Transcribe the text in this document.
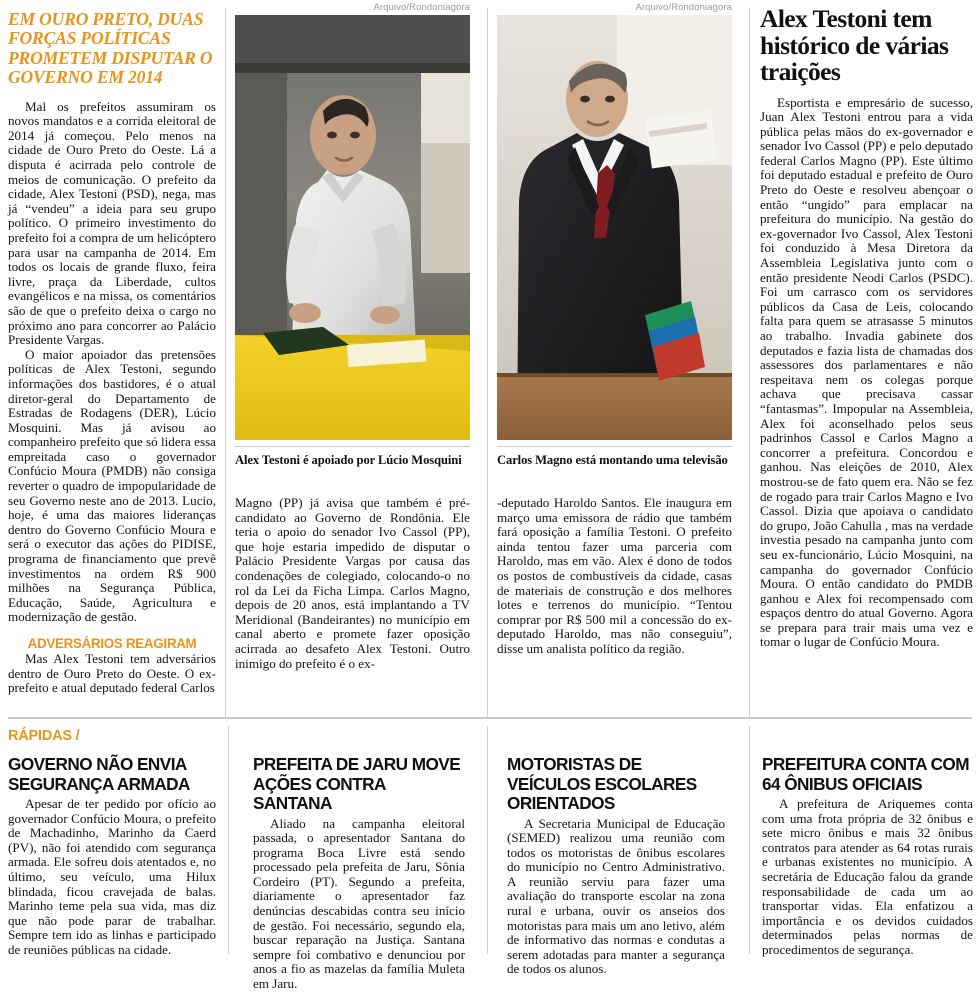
EM OURO PRETO, DUAS FORÇAS POLÍTICAS PROMETEM DISPUTAR O GOVERNO EM 2014

Mal os prefeitos assumiram os novos mandatos e a corrida eleitoral de 2014 já começou. Pelo menos na cidade de Ouro Preto do Oeste. Lá a disputa é acirrada pelo controle de meios de comunicação. O prefeito da cidade, Alex Testoni (PSD), nega, mas já “vendeu” a ideia para seu grupo político. O primeiro investimento do prefeito foi a compra de um helicóptero para usar na campanha de 2014. Em todos os locais de grande fluxo, feira livre, praça da Liberdade, cultos evangélicos e na missa, os comentários são de que o prefeito deixa o cargo no próximo ano para concorrer ao Palácio Presidente Vargas.

O maior apoiador das pretensões políticas de Alex Testoni, segundo informações dos bastidores, é o atual diretor-geral do Departamento de Estradas de Rodagens (DER), Lúcio Mosquini. Mas já avisou ao companheiro prefeito que só lidera essa empreitada caso o governador Confúcio Moura (PMDB) não consiga reverter o quadro de impopularidade de seu Governo neste ano de 2013. Lucio, hoje, é uma das maiores lideranças dentro do Governo Confúcio Moura e será o executor das ações do PIDISE, programa de financiamento que prevê investimentos na ordem R$ 900 milhões na Segurança Pública, Educação, Saúde, Agricultura e modernização de gestão.

ADVERSÁRIOS REAGIRAM

Mas Alex Testoni tem adversários dentro de Ouro Preto do Oeste. O ex-prefeito e atual deputado federal Carlos

Arquivo/Rondoniagora

Alex Testoni é apoiado por Lúcio Mosquini

Arquivo/Rondoniagora

Carlos Magno está montando uma televisão

Alex Testoni tem histórico de várias traições

Esportista e empresário de sucesso, Juan Alex Testoni entrou para a vida pública pelas mãos do ex-governador e senador Ivo Cassol (PP) e pelo deputado federal Carlos Magno (PP). Este último foi deputado estadual e prefeito de Ouro Preto do Oeste e resolveu abençoar o então “ungido” para emplacar na prefeitura do município. Na gestão do ex-governador Ivo Cassol, Alex Testoni foi conduzido à Mesa Diretora da Assembleia Legislativa junto com o então presidente Neodi Carlos (PSDC). Foi um carrasco com os servidores públicos da Casa de Leis, colocando falta para quem se atrasasse 5 minutos ao trabalho. Invadia gabinete dos deputados e fazia lista de chamadas dos assessores dos parlamentares e não respeitava nem os colegas porque achava que precisava cassar “fantasmas”. Impopular na Assembleia, Alex foi aconselhado pelos seus padrinhos Cassol e Carlos Magno a concorrer a prefeitura. Concordou e ganhou. Nas eleições de 2010, Alex mostrou-se de fato quem era. Não se fez de rogado para trair Carlos Magno e Ivo Cassol. Dizia que apoiava o candidato do grupo, João Cahulla , mas na verdade investia pesado na campanha junto com seu ex-funcionário, Lúcio Mosquini, na campanha do governador Confúcio Moura. O então candidato do PMDB ganhou e Alex foi recompensado com espaços dentro do atual Governo. Agora se prepara para trair mais uma vez e tomar o lugar de Confúcio Moura.

Magno (PP) já avisa que também é pré-candidato ao Governo de Rondônia. Ele teria o apoio do senador Ivo Cassol (PP), que hoje estaria impedido de disputar o Palácio Presidente Vargas por causa das condenações de colegiado, colocando-o no rol da Lei da Ficha Limpa. Carlos Magno, depois de 20 anos, está implantando a TV Meridional (Bandeirantes) no município em canal aberto e promete fazer oposição acirrada ao desafeto Alex Testoni. Outro inimigo do prefeito é o ex-

-deputado Haroldo Santos. Ele inaugura em março uma emissora de rádio que também fará oposição a família Testoni. O prefeito ainda tentou fazer uma parceria com Haroldo, mas em vão. Alex é dono de todos os postos de combustíveis da cidade, casas de materiais de construção e dos melhores lotes e terrenos do município. “Tentou comprar por R$ 500 mil a concessão do ex-deputado Haroldo, mas não conseguiu”, disse um analista político da região.

RÁPIDAS /

GOVERNO NÃO ENVIA SEGURANÇA ARMADA

Apesar de ter pedido por ofício ao governador Confúcio Moura, o prefeito de Machadinho, Marinho da Caerd (PV), não foi atendido com segurança armada. Ele sofreu dois atentados e, no último, seu veículo, uma Hilux blindada, ficou cravejada de balas. Marinho teme pela sua vida, mas diz que não pode parar de trabalhar. Sempre tem ido as linhas e participado de reuniões públicas na cidade.

PREFEITA DE JARU MOVE AÇÕES CONTRA SANTANA

Aliado na campanha eleitoral passada, o apresentador Santana do programa Boca Livre está sendo processado pela prefeita de Jaru, Sônia Cordeiro (PT). Segundo a prefeita, diariamente o apresentador faz denúncias descabidas contra seu início de gestão. Foi necessário, segundo ela, buscar reparação na Justiça. Santana sempre foi combativo e denunciou por anos a fio as mazelas da família Muleta em Jaru.

MOTORISTAS DE VEÍCULOS ESCOLARES ORIENTADOS

A Secretaria Municipal de Educação (SEMED) realizou uma reunião com todos os motoristas de ônibus escolares do município no Centro Administrativo. A reunião serviu para fazer uma avaliação do transporte escolar na zona rural e urbana, ouvir os anseios dos motoristas para mais um ano letivo, além de informativo das normas e condutas a serem adotadas para manter a segurança de todos os alunos.

PREFEITURA CONTA COM 64 ÔNIBUS OFICIAIS

A prefeitura de Ariquemes conta com uma frota própria de 32 ônibus e sete micro ônibus e mais 32 ônibus contratos para atender as 64 rotas rurais e urbanas existentes no município. A secretária de Educação falou da grande responsabilidade de cada um ao transportar vidas. Ela enfatizou a importância e os devidos cuidados determinados pelas normas de procedimentos de segurança.
